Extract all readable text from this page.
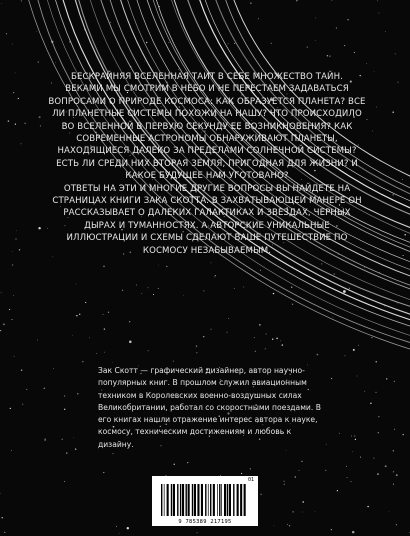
БЕСКРАЙНЯЯ ВСЕЛЕННАЯ ТАИТ В СЕБЕ МНОЖЕСТВО ТАЙН.

ВЕКАМИ МЫ СМОТРИМ В НЕБО И НЕ ПЕРЕСТАЕМ ЗАДАВАТЬСЯ ВОПРОСАМИ О ПРИРОДЕ КОСМОСА: КАК ОБРАЗУЕТСЯ ПЛАНЕТА? ВСЕ ЛИ ПЛАНЕТНЫЕ СИСТЕМЫ ПОХОЖИ НА НАШУ? ЧТО ПРОИСХОДИЛО ВО ВСЕЛЕННОЙ В ПЕРВУЮ СЕКУНДУ ЕЕ ВОЗНИКНОВЕНИЯ? КАК СОВРЕМЕННЫЕ АСТРОНОМЫ ОБНАРУЖИВАЮТ ПЛАНЕТЫ, НАХОДЯЩИЕСЯ ДАЛЕКО ЗА ПРЕДЕЛАМИ СОЛНЕЧНОЙ СИСТЕМЫ? ЕСТЬ ЛИ СРЕДИ НИХ ВТОРАЯ ЗЕМЛЯ, ПРИГОДНАЯ ДЛЯ ЖИЗНИ? И КАКОЕ БУДУЩЕЕ НАМ УГОТОВАНО?

ОТВЕТЫ НА ЭТИ И МНОГИЕ ДРУГИЕ ВОПРОСЫ ВЫ НАЙДЕТЕ НА СТРАНИЦАХ КНИГИ ЗАКА СКОТТА. В ЗАХВАТЫВАЮЩЕЙ МАНЕРЕ ОН РАССКАЗЫВАЕТ О ДАЛЕКИХ ГАЛАКТИКАХ И ЗВЕЗДАХ, ЧЕРНЫХ ДЫРАХ И ТУМАННОСТЯХ. А АВТОРСКИЕ УНИКАЛЬНЫЕ ИЛЛЮСТРАЦИИ И СХЕМЫ СДЕЛАЮТ ВАШЕ ПУТЕШЕСТВИЕ ПО КОСМОСУ НЕЗАБЫВАЕМЫМ.

Зак Скотт — графический дизайнер, автор научно-популярных книг. В прошлом служил авиационным техником в Королевских военно-воздушных силах Великобритании, работал со скоростными поездами. В его книгах нашли отражение интерес автора к науке, космосу, техническим достижениям и любовь к дизайну.
01
9 785389 217195
